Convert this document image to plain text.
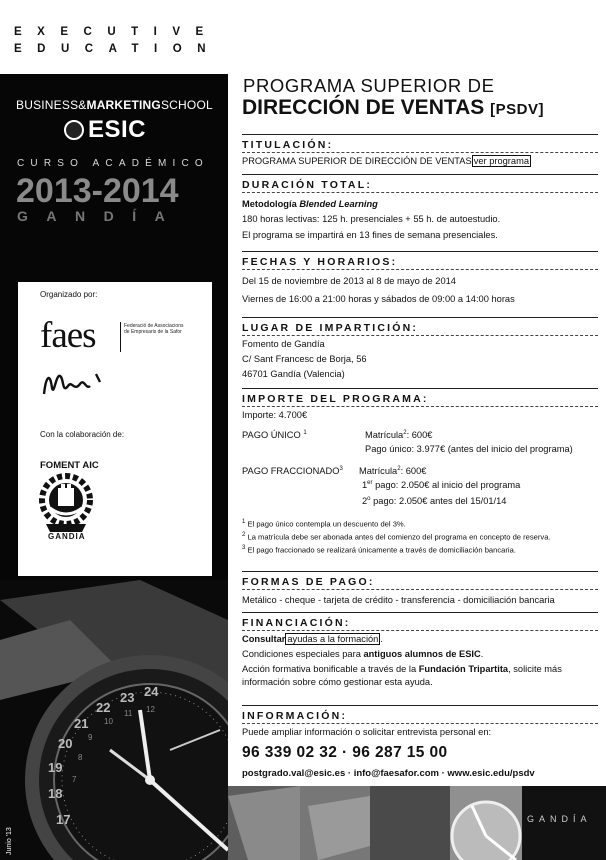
EXECUTIVE
EDUCATION
BUSINESS&MARKETINGSCHOOL
ESIC
CURSO ACADÉMICO
2013-2014
GANDÍA
Organizado por:
faes	Federació de Associacions de Empresaris de la Safor
Con la colaboración de:
FOMENT AIC
GANDIA
23 24
22
21
20
19
18
17
11 12
10
9
8
7
Junio '13
PROGRAMA SUPERIOR DE
DIRECCIÓN DE VENTAS [PSDV]
TITULACIÓN:
PROGRAMA SUPERIOR DE DIRECCIÓN DE VENTAS ver programa
DURACIÓN TOTAL:
Metodología Blended Learning
180 horas lectivas: 125 h. presenciales + 55 h. de autoestudio.
El programa se impartirá en 13 fines de semana presenciales.
FECHAS Y HORARIOS:
Del 15 de noviembre de 2013 al 8 de mayo de 2014
Viernes de 16:00 a 21:00 horas y sábados de 09:00 a 14:00 horas
LUGAR DE IMPARTICIÓN:
Fomento de Gandía
C/ Sant Francesc de Borja, 56
46701 Gandía (Valencia)
IMPORTE DEL PROGRAMA:
Importe: 4.700€
PAGO ÚNICO $^1$	Matrícula$^2$: 600€
Pago único: 3.977€ (antes del inicio del programa)
PAGO FRACCIONADO$^3$ Matrícula$^2$: 600€
1er pago: 2.050€ al inicio del programa
2$^o$ pago: 2.050€ antes del 15/01/14
$^1$ El pago único contempla un descuento del 3%.
$^2$ La matrícula debe ser abonada antes del comienzo del programa en concepto de reserva.
$^3$ El pago fraccionado se realizará únicamente a través de domiciliación bancaria.
FORMAS DE PAGO:
Metálico - cheque - tarjeta de crédito - transferencia - domiciliación bancaria
FINANCIACIÓN:
Consultar ayudas a la formación .
Condiciones especiales para antiguos alumnos de ESIC.
Acción formativa bonificable a través de la Fundación Tripartita, solicite más información sobre cómo gestionar esta ayuda.
INFORMACIÓN:
Puede ampliar información o solicitar entrevista personal en:
96 339 02 32 · 96 287 15 00
postgrado.val@esic.es · info@faesafor.com · www.esic.edu/psdv
GANDÍA
